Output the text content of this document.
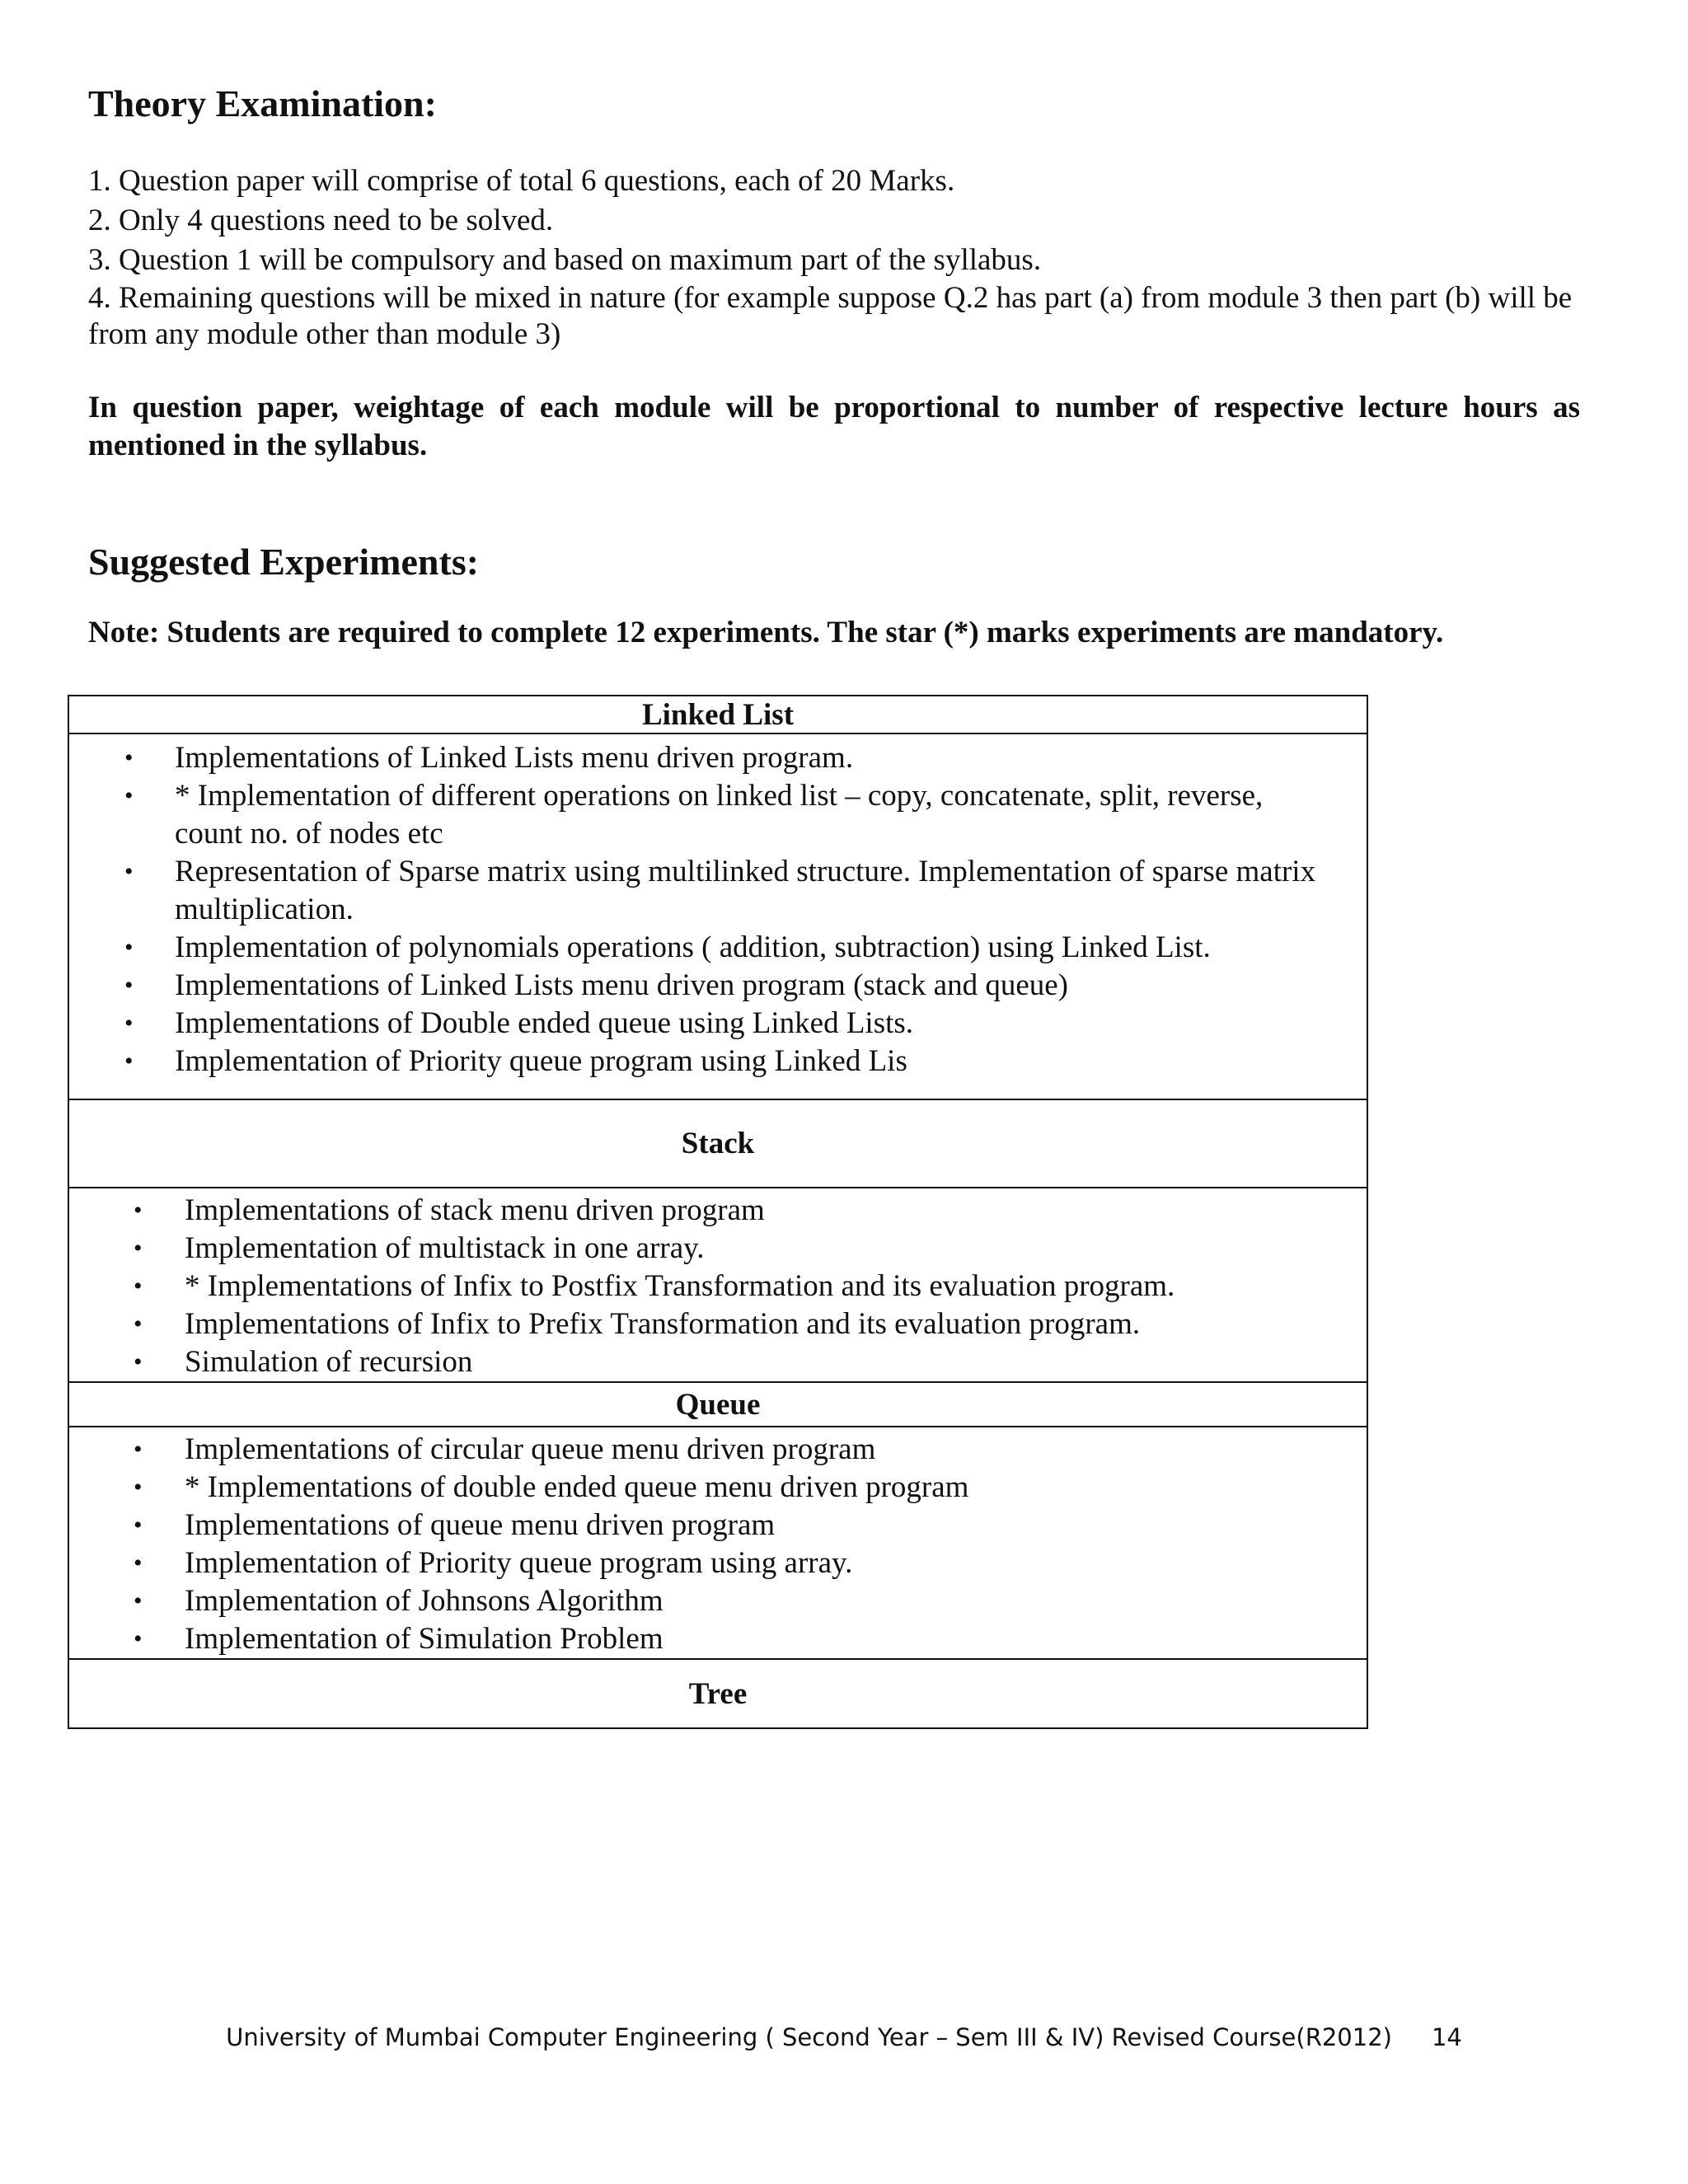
Theory Examination:
1. Question paper will comprise of total 6 questions, each of 20 Marks.
2. Only 4 questions need to be solved.
3. Question 1 will be compulsory and based on maximum part of the syllabus.
4. Remaining questions will be mixed in nature (for example suppose Q.2 has part (a) from module 3 then part (b) will be from any module other than module 3)

In question paper, weightage of each module will be proportional to number of respective lecture hours as mentioned in the syllabus.

Suggested Experiments:

Note: Students are required to complete 12 experiments. The star (*) marks experiments are mandatory.

Linked List

• Implementations of Linked Lists menu driven program.
• * Implementation of different operations on linked list – copy, concatenate, split, reverse, count no. of nodes etc
• Representation of Sparse matrix using multilinked structure. Implementation of sparse matrix multiplication.
• Implementation of polynomials operations ( addition, subtraction) using Linked List.
• Implementations of Linked Lists menu driven program (stack and queue)
• Implementations of Double ended queue using Linked Lists.
• Implementation of Priority queue program using Linked Lis

Stack

• Implementations of stack menu driven program
• Implementation of multistack in one array.
• * Implementations of Infix to Postfix Transformation and its evaluation program.
• Implementations of Infix to Prefix Transformation and its evaluation program.
• Simulation of recursion

Queue

• Implementations of circular queue menu driven program
• * Implementations of double ended queue menu driven program
• Implementations of queue menu driven program
• Implementation of Priority queue program using array.
• Implementation of Johnsons Algorithm
• Implementation of Simulation Problem

Tree
University of Mumbai Computer Engineering ( Second Year – Sem III & IV) Revised Course(R2012) 14
